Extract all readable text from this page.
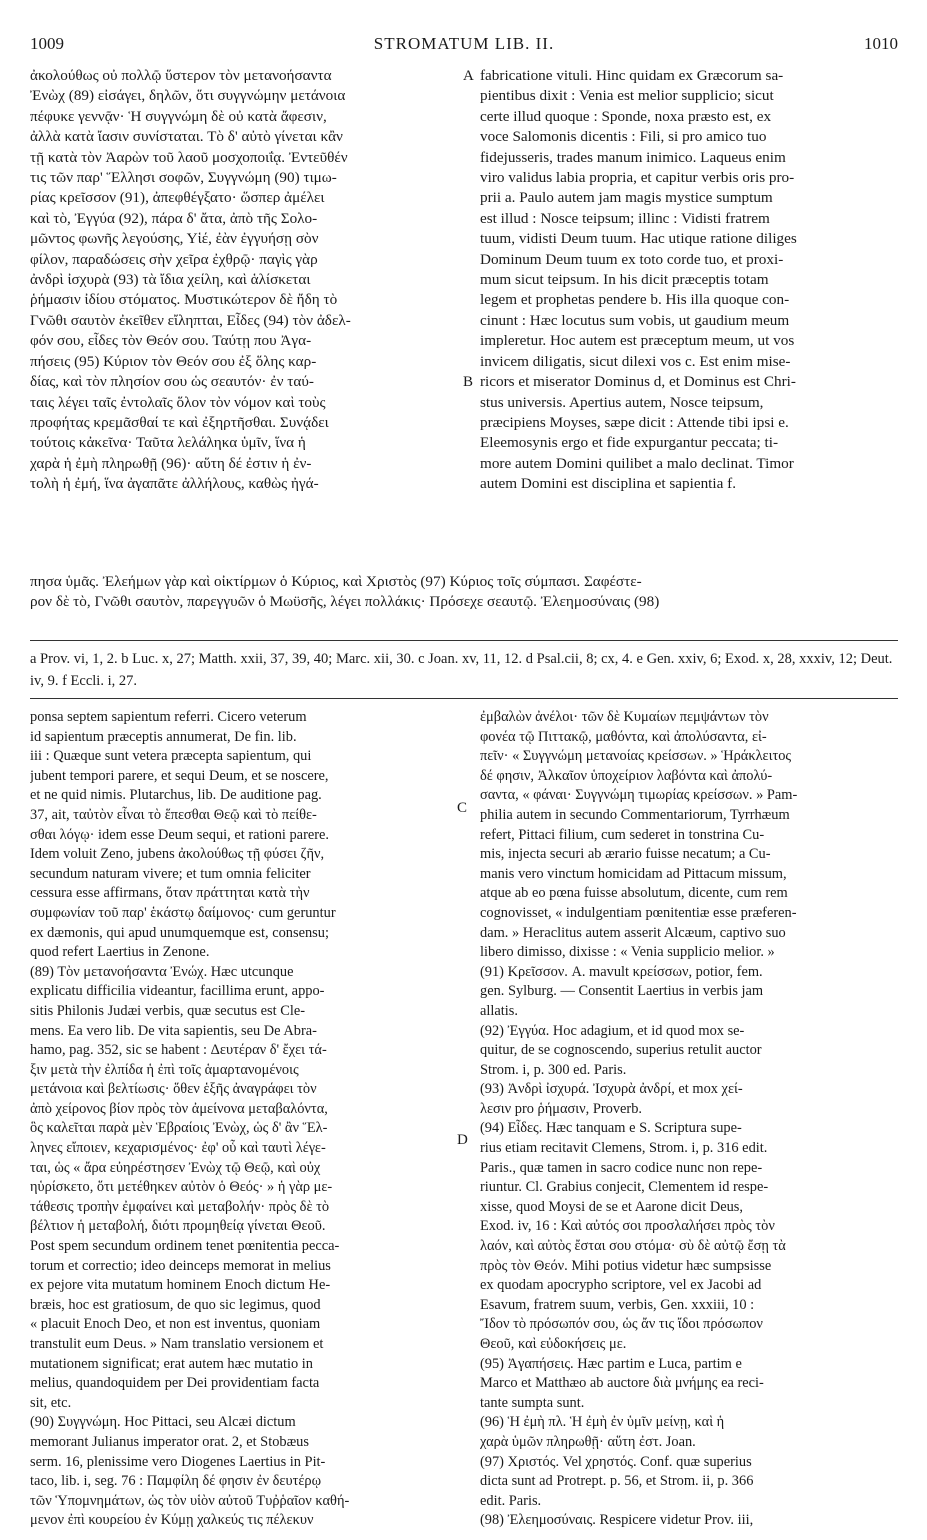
1009	STROMATUM LIB. II.	1010
ἀκολούθως οὐ πολλῷ ὕστερον τὸν μετανοήσαντα
Ἐνὼχ (89) εἰσάγει, δηλῶν, ὅτι συγγνώμην μετάνοια
πέφυκε γεννᾷν· Ἡ συγγνώμη δὲ οὐ κατὰ ἄφεσιν,
ἀλλὰ κατὰ ἴασιν συνίσταται. Τὸ δ' αὐτὸ γίνεται κἂν
τῇ κατὰ τὸν Ἀαρὼν τοῦ λαοῦ μοσχοποιΐᾳ. Ἐντεῦθέν
τις τῶν παρ' Ἕλλησι σοφῶν, Συγγνώμη (90) τιμω-
ρίας κρεῖσσον (91), ἀπεφθέγξατο· ὥσπερ ἀμέλει
καὶ τὸ, Ἐγγύα (92), πάρα δ' ἄτα, ἀπὸ τῆς Σολο-
μῶντος φωνῆς λεγούσης, Υἱέ, ἐὰν ἐγγυήσῃ σὸν
φίλον, παραδώσεις σὴν χεῖρα ἐχθρῷ· παγὶς γὰρ
ἀνδρὶ ἰσχυρὰ (93) τὰ ἴδια χείλη, καὶ ἁλίσκεται
ῥήμασιν ἰδίου στόματος. Μυστικώτερον δὲ ἤδη τὸ
Γνῶθι σαυτὸν ἐκεῖθεν εἴληπται, Εἶδες (94) τὸν ἀδελ-
φόν σου, εἶδες τὸν Θεόν σου. Ταύτῃ που Ἀγα-
πήσεις (95) Κύριον τὸν Θεόν σου ἐξ ὅλης καρ-
δίας, καὶ τὸν πλησίον σου ὡς σεαυτόν· ἐν ταύ-
ταις λέγει ταῖς ἐντολαῖς ὅλον τὸν νόμον καὶ τοὺς
προφήτας κρεμᾶσθαί τε καὶ ἐξηρτῆσθαι. Συνᾴδει
τούτοις κἀκεῖνα· Ταῦτα λελάληκα ὑμῖν, ἵνα ἡ
χαρὰ ἡ ἐμὴ πληρωθῇ (96)· αὕτη δέ ἐστιν ἡ ἐν-
τολὴ ἡ ἐμή, ἵνα ἀγαπᾶτε ἀλλήλους, καθὼς ἠγά-
fabricatione vituli. Hinc quidam ex Græcorum sa-
pientibus dixit : Venia est melior supplicio; sicut
certe illud quoque : Sponde, noxa præsto est, ex
voce Salomonis dicentis : Fili, si pro amico tuo
fidejusseris, trades manum inimico. Laqueus enim
viro validus labia propria, et capitur verbis oris pro-
prii a. Paulo autem jam magis mystice sumptum
est illud : Nosce teipsum; illinc : Vidisti fratrem
tuum, vidisti Deum tuum. Hac utique ratione diliges
Dominum Deum tuum ex toto corde tuo, et proxi-
mum sicut teipsum. In his dicit præceptis totam
legem et prophetas pendere b. His illa quoque con-
cinunt : Hæc locutus sum vobis, ut gaudium meum
impleretur. Hoc autem est præceptum meum, ut vos
invicem diligatis, sicut dilexi vos c. Est enim mise-
ricors et miserator Dominus d, et Dominus est Chri-
stus universis. Apertius autem, Nosce teipsum,
præcipiens Moyses, sæpe dicit : Attende tibi ipsi e.
Eleemosynis ergo et fide expurgantur peccata; ti-
more autem Domini quilibet a malo declinat. Timor
autem Domini est disciplina et sapientia f.
A
B
C
D
πησα ὑμᾶς. Ἐλεήμων γὰρ καὶ οἰκτίρμων ὁ Κύριος, καὶ Χριστὸς (97) Κύριος τοῖς σύμπασι. Σαφέστε-
ρον δὲ τὸ, Γνῶθι σαυτὸν, παρεγγυῶν ὁ Μωϋσῆς, λέγει πολλάκις· Πρόσεχε σεαυτῷ. Ἐλεημοσύναις (98)
a Prov. vi, 1, 2. b Luc. x, 27; Matth. xxii, 37, 39, 40; Marc. xii, 30. c Joan. xv, 11, 12. d Psal.cii, 8; cx, 4. e Gen. xxiv, 6; Exod. x, 28, xxxiv, 12; Deut. iv, 9. f Eccli. i, 27.
ponsa septem sapientum referri. Cicero veterum
id sapientum præceptis annumerat, De fin. lib.
iii : Quæque sunt vetera præcepta sapientum, qui
jubent tempori parere, et sequi Deum, et se noscere,
et ne quid nimis. Plutarchus, lib. De auditione pag.
37, ait, ταὐτὸν εἶναι τὸ ἕπεσθαι Θεῷ καὶ τὸ πείθε-
σθαι λόγῳ· idem esse Deum sequi, et rationi parere.
Idem voluit Zeno, jubens ἀκολούθως τῇ φύσει ζῆν,
secundum naturam vivere; et tum omnia feliciter
cessura esse affirmans, ὅταν πράττηται κατὰ τὴν
συμφωνίαν τοῦ παρ' ἑκάστῳ δαίμονος· cum geruntur
ex dæmonis, qui apud unumquemque est, consensu;
quod refert Laertius in Zenone.
(89) Τὸν μετανοήσαντα Ἐνώχ. Hæc utcunque
explicatu difficilia videantur, facillima erunt, appo-
sitis Philonis Judæi verbis, quæ secutus est Cle-
mens. Ea vero lib. De vita sapientis, seu De Abra-
hamo, pag. 352, sic se habent : Δευτέραν δ' ἔχει τά-
ξιν μετὰ τὴν ἐλπίδα ἡ ἐπὶ τοῖς ἁμαρτανομένοις
μετάνοια καὶ βελτίωσις· ὅθεν ἑξῆς ἀναγράφει τὸν
ἀπὸ χείρονος βίον πρὸς τὸν ἀμείνονα μεταβαλόντα,
ὃς καλεῖται παρὰ μὲν Ἑβραίοις Ἐνὼχ, ὡς δ' ἂν Ἕλ-
ληνες εἴποιεν, κεχαρισμένος· ἐφ' οὗ καὶ ταυτὶ λέγε-
ται, ὡς « ἄρα εὐηρέστησεν Ἐνὼχ τῷ Θεῷ, καὶ οὐχ
ηὑρίσκετο, ὅτι μετέθηκεν αὐτὸν ὁ Θεός· » ἡ γὰρ με-
τάθεσις τροπὴν ἐμφαίνει καὶ μεταβολήν· πρὸς δὲ τὸ
βέλτιον ἡ μεταβολή, διότι προμηθείᾳ γίνεται Θεοῦ.
Post spem secundum ordinem tenet pœnitentia pecca-
torum et correctio; ideo deinceps memorat in melius
ex pejore vita mutatum hominem Enoch dictum He-
bræis, hoc est gratiosum, de quo sic legimus, quod
« placuit Enoch Deo, et non est inventus, quoniam
transtulit eum Deus. » Nam translatio versionem et
mutationem significat; erat autem hæc mutatio in
melius, quandoquidem per Dei providentiam facta
sit, etc.
(90) Συγγνώμη. Hoc Pittaci, seu Alcæi dictum
memorant Julianus imperator orat. 2, et Stobæus
serm. 16, plenissime vero Diogenes Laertius in Pit-
taco, lib. i, seg. 76 : Παμφίλη δέ φησιν ἐν δευτέρῳ
τῶν Ὑπομνημάτων, ὡς τὸν υἱὸν αὐτοῦ Τυῤῥαῖον καθή-
μενον ἐπὶ κουρείου ἐν Κύμῃ χαλκεύς τις πέλεκυν
ἐμβαλὼν ἀνέλοι· τῶν δὲ Κυμαίων πεμψάντων τὸν
φονέα τῷ Πιττακῷ, μαθόντα, καὶ ἀπολύσαντα, εἰ-
πεῖν· « Συγγνώμη μετανοίας κρείσσων. » Ἡράκλειτος
δέ φησιν, Ἀλκαῖον ὑποχείριον λαβόντα καὶ ἀπολύ-
σαντα, « φάναι· Συγγνώμη τιμωρίας κρείσσων. » Pam-
philia autem in secundo Commentariorum, Tyrrhæum
refert, Pittaci filium, cum sederet in tonstrina Cu-
mis, injecta securi ab ærario fuisse necatum; a Cu-
manis vero vinctum homicidam ad Pittacum missum,
atque ab eo pœna fuisse absolutum, dicente, cum rem
cognovisset, « indulgentiam pœnitentiæ esse præferen-
dam. » Heraclitus autem asserit Alcæum, captivo suo
libero dimisso, dixisse : « Venia supplicio melior. »
(91) Κρεῖσσον. A. mavult κρείσσων, potior, fem.
gen. Sylburg. — Consentit Laertius in verbis jam
allatis.
(92) Ἐγγύα. Hoc adagium, et id quod mox se-
quitur, de se cognoscendo, superius retulit auctor
Strom. i, p. 300 ed. Paris.
(93) Ἀνδρὶ ἰσχυρά. Ἰσχυρὰ ἀνδρί, et mox χεί-
λεσιν pro ῥήμασιν, Proverb.
(94) Εἶδες. Hæc tanquam e S. Scriptura supe-
rius etiam recitavit Clemens, Strom. i, p. 316 edit.
Paris., quæ tamen in sacro codice nunc non repe-
riuntur. Cl. Grabius conjecit, Clementem id respe-
xisse, quod Moysi de se et Aarone dicit Deus,
Exod. iv, 16 : Καὶ αὐτός σοι προσλαλήσει πρὸς τὸν
λαόν, καὶ αὐτὸς ἔσται σου στόμα· σὺ δὲ αὐτῷ ἔσῃ τὰ
πρὸς τὸν Θεόν. Mihi potius videtur hæc sumpsisse
ex quodam apocrypho scriptore, vel ex Jacobi ad
Esavum, fratrem suum, verbis, Gen. xxxiii, 10 :
Ἴδον τὸ πρόσωπόν σου, ὡς ἄν τις ἴδοι πρόσωπον
Θεοῦ, καὶ εὐδοκήσεις με.
(95) Ἀγαπήσεις. Hæc partim e Luca, partim e
Marco et Matthæo ab auctore διὰ μνήμης ea reci-
tante sumpta sunt.
(96) Ἡ ἐμὴ πλ. Ἡ ἐμὴ ἐν ὑμῖν μείνῃ, καὶ ἡ
χαρὰ ὑμῶν πληρωθῇ· αὕτη ἐστ. Joan.
(97) Χριστός. Vel χρηστός. Conf. quæ superius
dicta sunt ad Protrept. p. 56, et Strom. ii, p. 366
edit. Paris.
(98) Ἐλεημοσύναις. Respicere videtur Prov. iii,
